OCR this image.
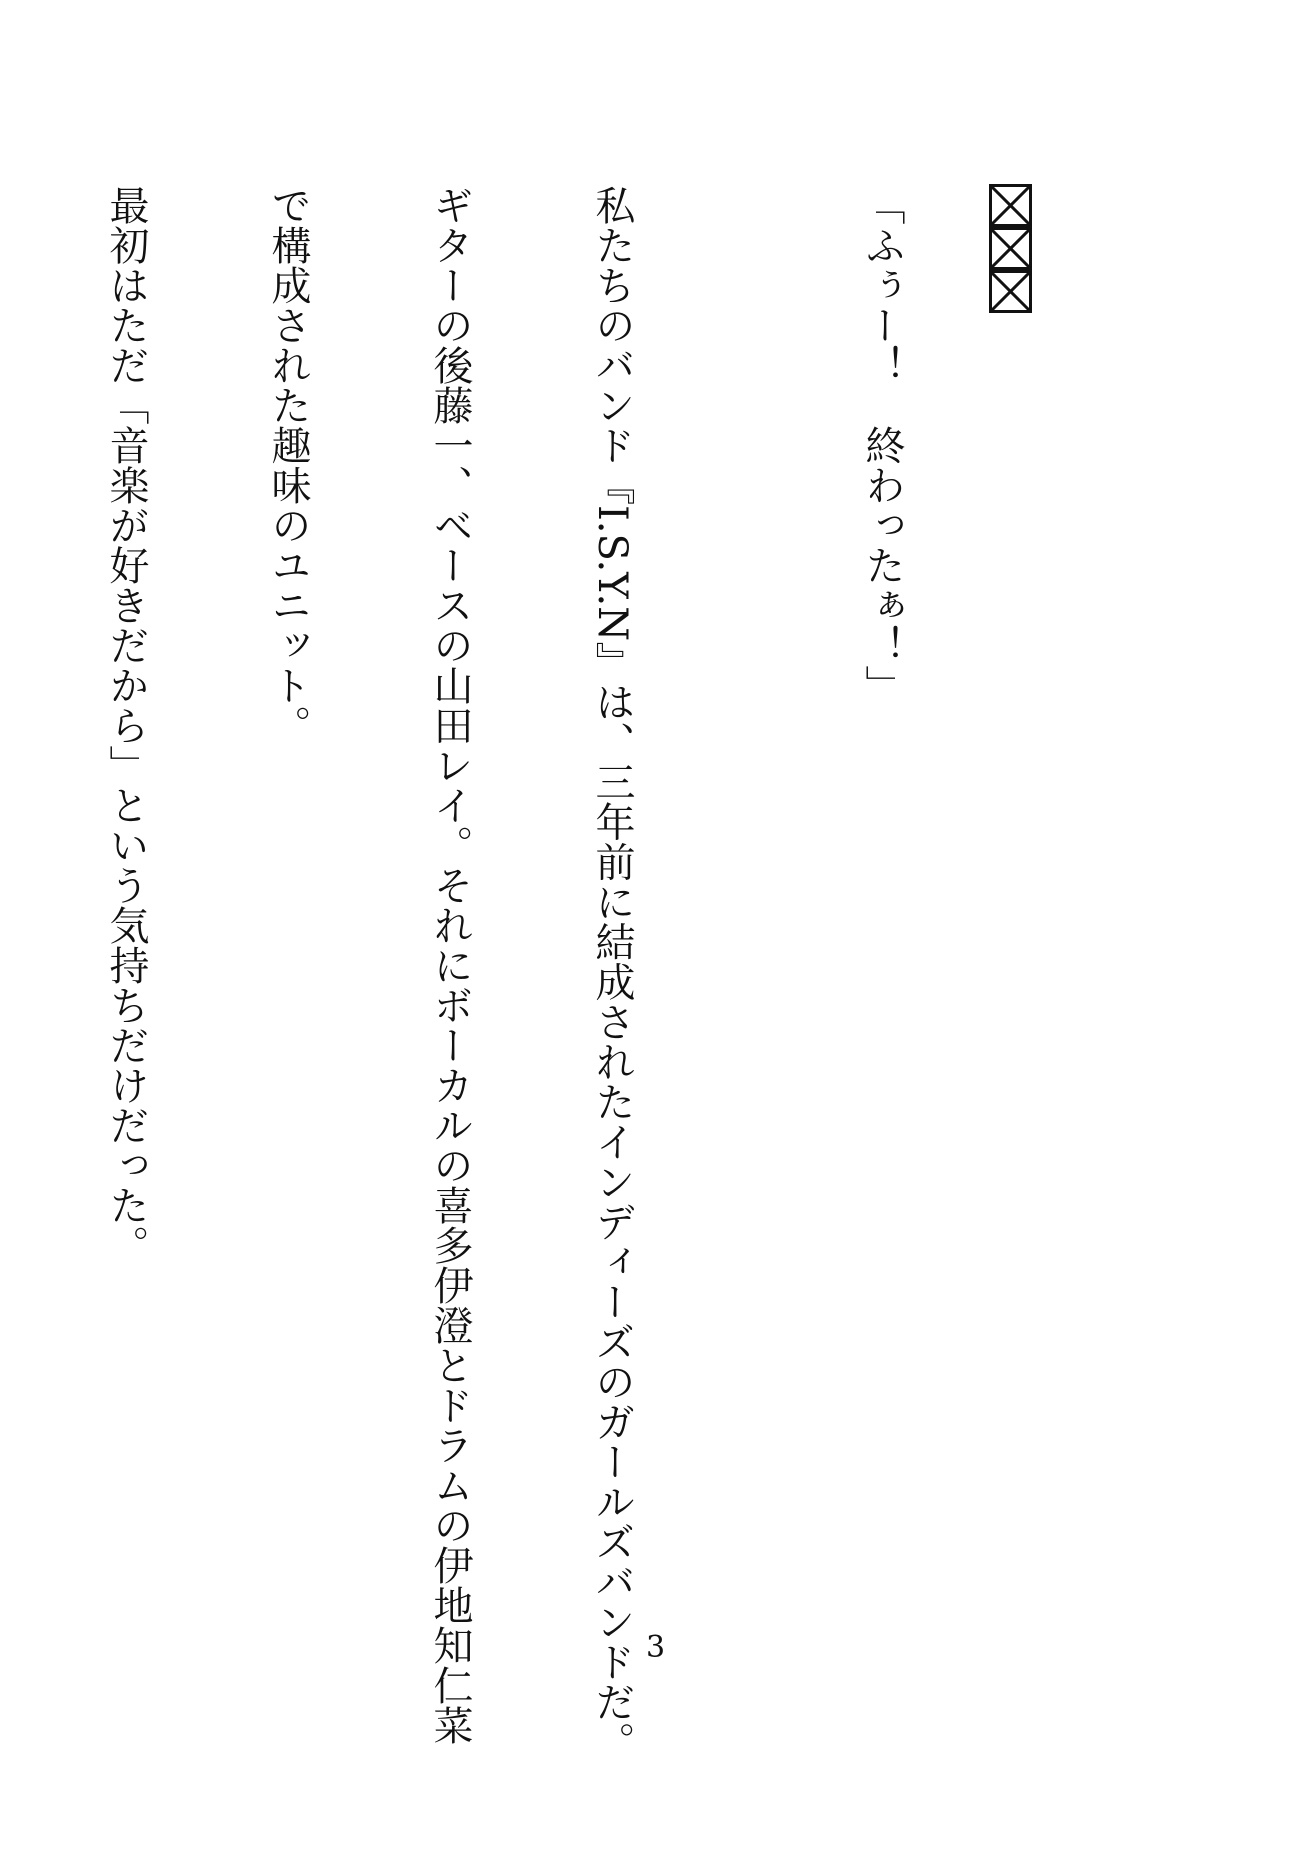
「ふぅー！　終わったぁ！」

私たちのバンド『I.S.Y.N』は、三年前に結成されたインディーズのガールズバンドだ。

ギターの後藤一、ベースの山田レイ。それにボーカルの喜多伊澄とドラムの伊地知仁菜

で構成された趣味のユニット。

最初はただ「音楽が好きだから」という気持ちだけだった。

3
